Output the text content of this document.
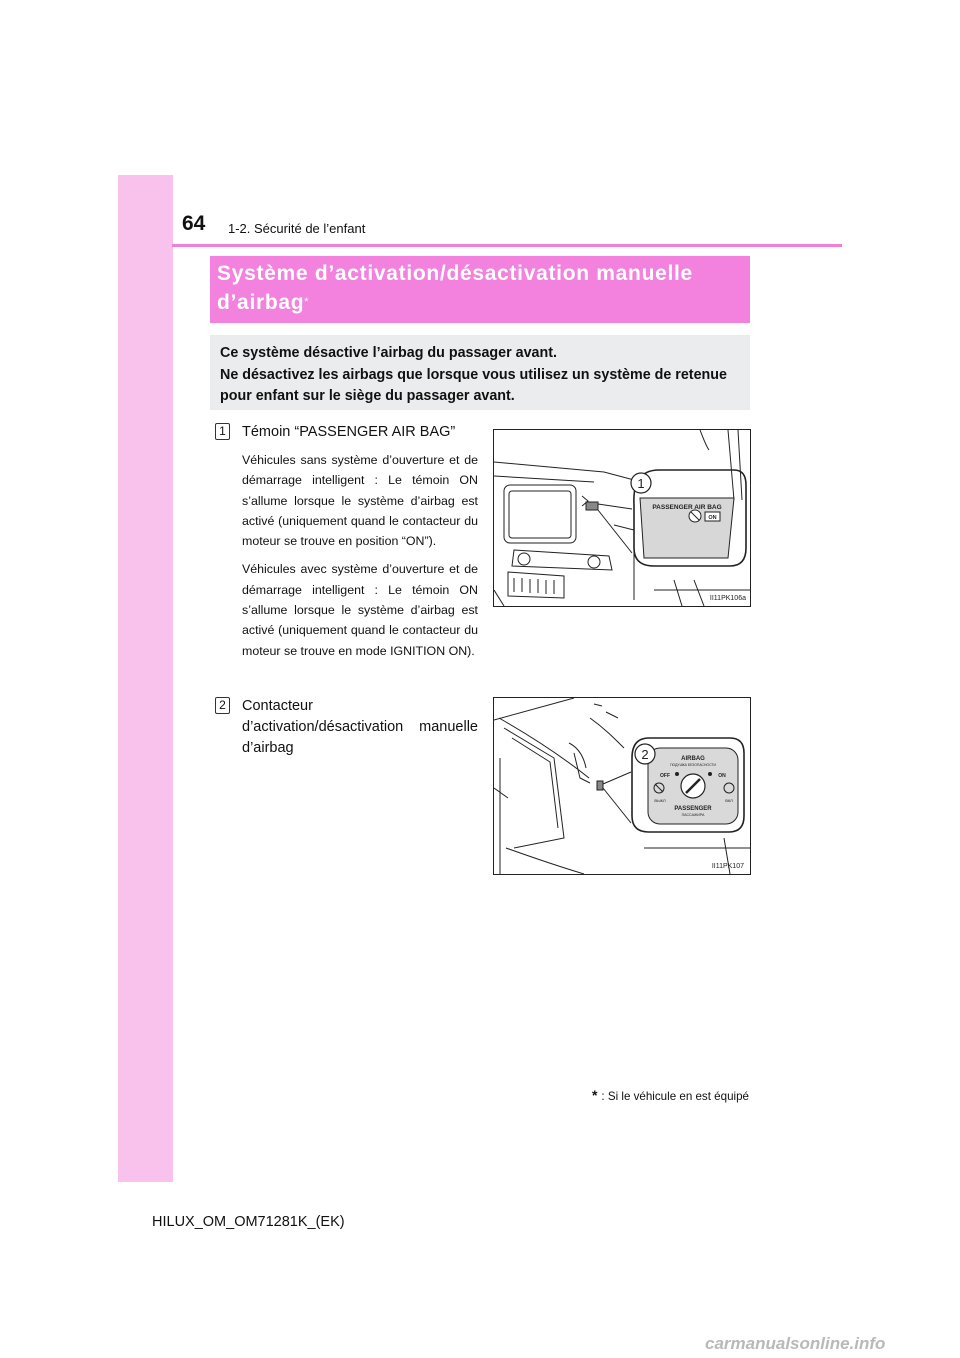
64 1-2. Sécurité de l’enfant
Système d’activation/désactivation manuelle d’airbag*

Ce système désactive l’airbag du passager avant.

Ne désactivez les airbags que lorsque vous utilisez un système de retenue pour enfant sur le siège du passager avant.

1 Témoin “PASSENGER AIR BAG”

Véhicules sans système d’ouverture et de démarrage intelligent : Le témoin ON s’allume lorsque le système d’airbag est activé (uniquement quand le contacteur du moteur se trouve en position “ON”).

Véhicules avec système d’ouverture et de démarrage intelligent : Le témoin ON s’allume lorsque le système d’airbag est activé (uniquement quand le contacteur du moteur se trouve en mode IGNITION ON).

2 Contacteur d’activation/désactivation manuelle d’airbag
1
PASSENGER AIR BAG
ON
II11PK106a
2	AIRBAG
ПОДУШКА БЕЗОПАСНОСТИ
OFF	ON
ВЫКЛ	ВКЛ
PASSENGER
ПАССАЖИРА
II11PK107
* : Si le véhicule en est équipé
HILUX_OM_OM71281K_(EK)
carmanualsonline.info
